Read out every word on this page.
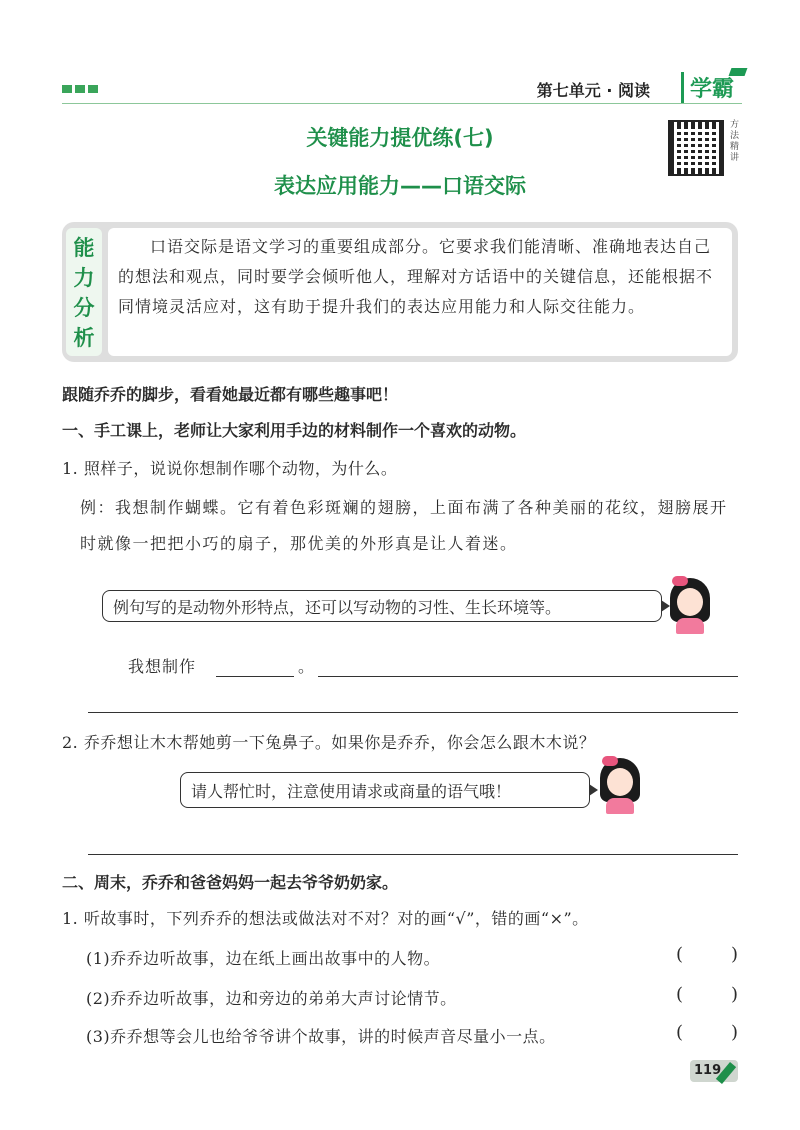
第七单元 · 阅读	学霸
关键能力提优练(七)
表达应用能力——口语交际
方法精讲
能
力
分
析
口语交际是语文学习的重要组成部分。它要求我们能清晰、准确地表达自己的想法和观点，同时要学会倾听他人，理解对方话语中的关键信息，还能根据不同情境灵活应对，这有助于提升我们的表达应用能力和人际交往能力。
跟随乔乔的脚步，看看她最近都有哪些趣事吧！
一、手工课上，老师让大家利用手边的材料制作一个喜欢的动物。
1. 照样子，说说你想制作哪个动物，为什么。
例：我想制作蝴蝶。它有着色彩斑斓的翅膀，上面布满了各种美丽的花纹，翅膀展开时就像一把把小巧的扇子，那优美的外形真是让人着迷。
例句写的是动物外形特点，还可以写动物的习性、生长环境等。
我想制作	。
2. 乔乔想让木木帮她剪一下兔鼻子。如果你是乔乔，你会怎么跟木木说？
请人帮忙时，注意使用请求或商量的语气哦！
二、周末，乔乔和爸爸妈妈一起去爷爷奶奶家。
1. 听故事时，下列乔乔的想法或做法对不对？对的画“√”，错的画“×”。
(1)乔乔边听故事，边在纸上画出故事中的人物。	(	)
(2)乔乔边听故事，边和旁边的弟弟大声讨论情节。	(	)
(3)乔乔想等会儿也给爷爷讲个故事，讲的时候声音尽量小一点。	(	)
119
